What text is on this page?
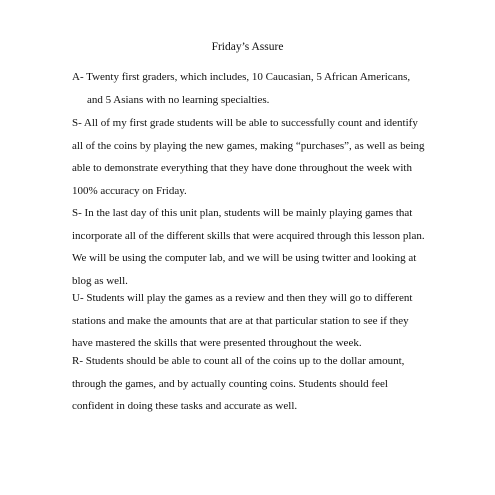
Friday’s Assure

A- Twenty first graders, which includes, 10 Caucasian, 5 African Americans,
and 5 Asians with no learning specialties.

S- All of my first grade students will be able to successfully count and identify
all of the coins by playing the new games, making “purchases”, as well as being
able to demonstrate everything that they have done throughout the week with
100% accuracy on Friday.

S- In the last day of this unit plan, students will be mainly playing games that
incorporate all of the different skills that were acquired through this lesson plan.
We will be using the computer lab, and we will be using twitter and looking at
blog as well.

U- Students will play the games as a review and then they will go to different
stations and make the amounts that are at that particular station to see if they
have mastered the skills that were presented throughout the week.

R- Students should be able to count all of the coins up to the dollar amount,
through the games, and by actually counting coins. Students should feel
confident in doing these tasks and accurate as well.
